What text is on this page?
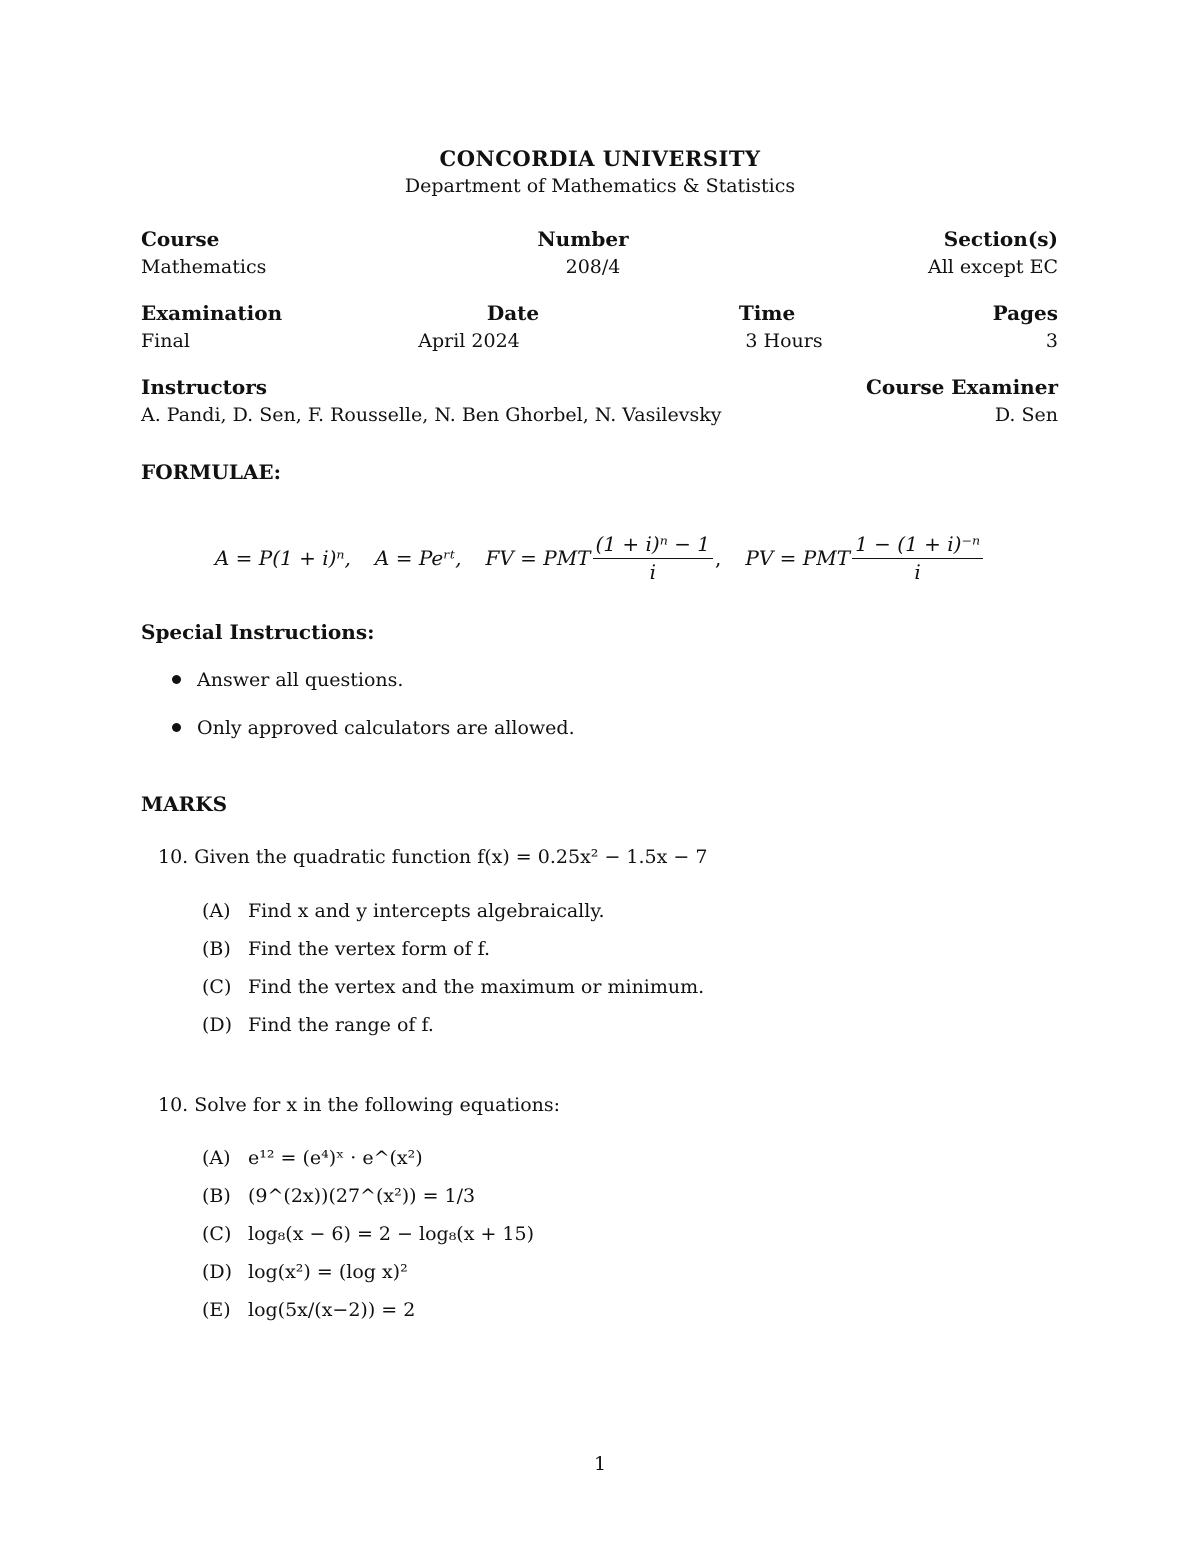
CONCORDIA UNIVERSITY
Department of Mathematics & Statistics
Course	Number	Section(s)
Mathematics	208/4	All except EC
Examination	Date	Time	Pages
Final	April 2024	3 Hours	3
Instructors	Course Examiner
A. Pandi, D. Sen, F. Rousselle, N. Ben Ghorbel, N. Vasilevsky	D. Sen
FORMULAE:
A = P(1 + i)ⁿ, A = Peʳᵗ, FV = PMT $\frac{\text{(1 + i)ⁿ − 1}}{i}$ , PV = PMT $\frac{\text{1 − (1 + i)⁻ⁿ}}{i}$
Special Instructions:
Answer all questions.
Only approved calculators are allowed.
MARKS
10. Given the quadratic function f(x) = 0.25x² − 1.5x − 7
(A) Find x and y intercepts algebraically.
(B) Find the vertex form of f.
(C) Find the vertex and the maximum or minimum.
(D) Find the range of f.
10. Solve for x in the following equations:
(A) e¹² = (e⁴)ˣ · e^(x²)
(B) (9^(2x))(27^(x²)) = 1/3
(C) log₈(x − 6) = 2 − log₈(x + 15)
(D) log(x²) = (log x)²
(E) log(5x/(x−2)) = 2
1
